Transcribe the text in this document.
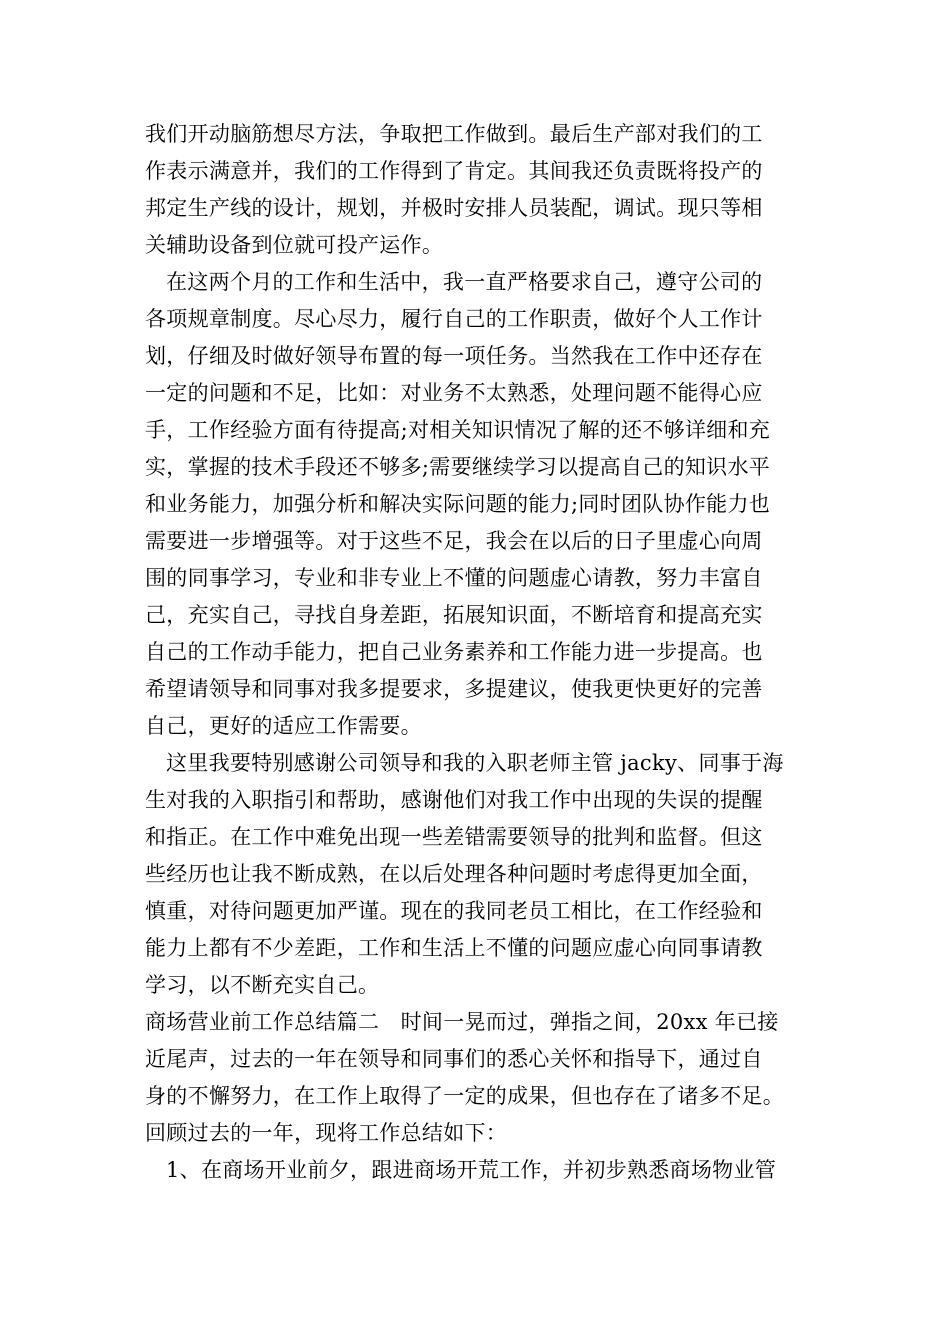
我们开动脑筋想尽方法，争取把工作做到。最后生产部对我们的工
作表示满意并，我们的工作得到了肯定。其间我还负责既将投产的
邦定生产线的设计，规划，并极时安排人员装配，调试。现只等相
关辅助设备到位就可投产运作。
在这两个月的工作和生活中，我一直严格要求自己，遵守公司的
各项规章制度。尽心尽力，履行自己的工作职责，做好个人工作计
划，仔细及时做好领导布置的每一项任务。当然我在工作中还存在
一定的问题和不足，比如：对业务不太熟悉，处理问题不能得心应
手，工作经验方面有待提高;对相关知识情况了解的还不够详细和充
实，掌握的技术手段还不够多;需要继续学习以提高自己的知识水平
和业务能力，加强分析和解决实际问题的能力;同时团队协作能力也
需要进一步增强等。对于这些不足，我会在以后的日子里虚心向周
围的同事学习，专业和非专业上不懂的问题虚心请教，努力丰富自
己，充实自己，寻找自身差距，拓展知识面，不断培育和提高充实
自己的工作动手能力，把自己业务素养和工作能力进一步提高。也
希望请领导和同事对我多提要求，多提建议，使我更快更好的完善
自己，更好的适应工作需要。
这里我要特别感谢公司领导和我的入职老师主管 jacky、同事于海
生对我的入职指引和帮助，感谢他们对我工作中出现的失误的提醒
和指正。在工作中难免出现一些差错需要领导的批判和监督。但这
些经历也让我不断成熟，在以后处理各种问题时考虑得更加全面，
慎重，对待问题更加严谨。现在的我同老员工相比，在工作经验和
能力上都有不少差距，工作和生活上不懂的问题应虚心向同事请教
学习，以不断充实自己。
商场营业前工作总结篇二　时间一晃而过，弹指之间，20xx 年已接
近尾声，过去的一年在领导和同事们的悉心关怀和指导下，通过自
身的不懈努力，在工作上取得了一定的成果，但也存在了诸多不足。
回顾过去的一年，现将工作总结如下：
1、在商场开业前夕，跟进商场开荒工作，并初步熟悉商场物业管
